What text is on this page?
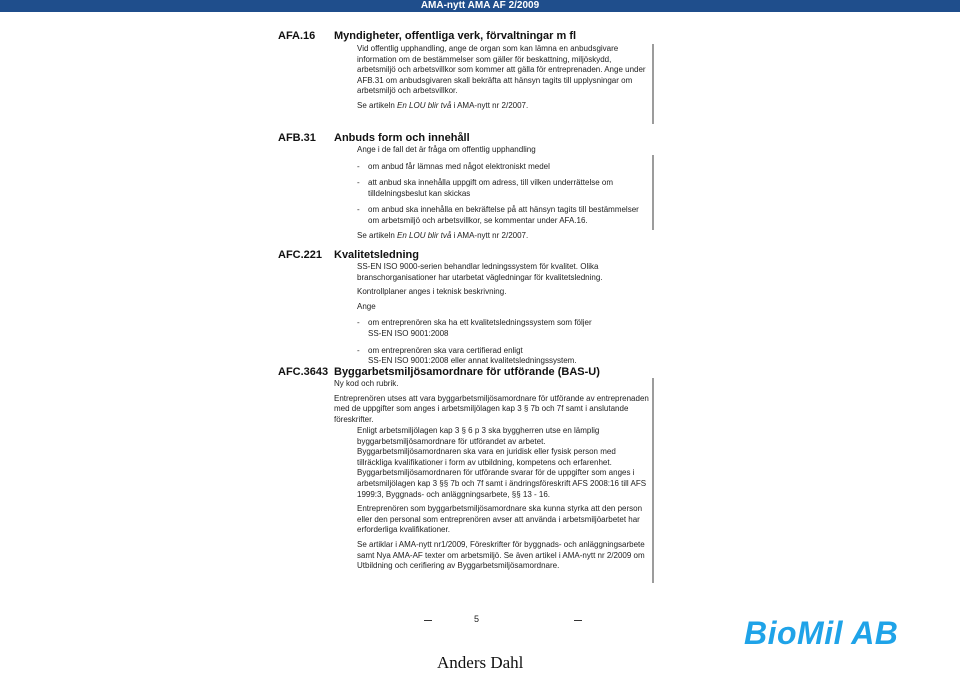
AMA-nytt AMA AF 2/2009
AFA.16 Myndigheter, offentliga verk, förvaltningar m fl

Vid offentlig upphandling, ange de organ som kan lämna en anbudsgivare information om de bestämmelser som gäller för beskattning, miljöskydd, arbetsmiljö och arbetsvillkor som kommer att gälla för entreprenaden. Ange under AFB.31 om anbudsgivaren skall bekräfta att hänsyn tagits till upplysningar om arbetsmiljö och arbetsvillkor.

Se artikeln En LOU blir två i AMA-nytt nr 2/2007.

AFB.31 Anbuds form och innehåll

Ange i de fall det är fråga om offentlig upphandling

- om anbud får lämnas med något elektroniskt medel

- att anbud ska innehålla uppgift om adress, till vilken underrättelse om tilldelningsbeslut kan skickas

- om anbud ska innehålla en bekräftelse på att hänsyn tagits till bestämmelser om arbetsmiljö och arbetsvillkor, se kommentar under AFA.16.

Se artikeln En LOU blir två i AMA-nytt nr 2/2007.

AFC.221 Kvalitetsledning

SS-EN ISO 9000-serien behandlar ledningssystem för kvalitet. Olika branschorganisationer har utarbetat vägledningar för kvalitetsledning.

Kontrollplaner anges i teknisk beskrivning.

Ange

- om entreprenören ska ha ett kvalitetsledningssystem som följer
SS-EN ISO 9001:2008

- om entreprenören ska vara certifierad enligt
SS-EN ISO 9001:2008 eller annat kvalitetsledningssystem.

AFC.3643 Byggarbetsmiljösamordnare för utförande (BAS-U)

Ny kod och rubrik.

Entreprenören utses att vara byggarbetsmiljösamordnare för utförande av entreprenaden med de uppgifter som anges i arbetsmiljölagen kap 3 § 7b och 7f samt i anslutande föreskrifter.

Enligt arbetsmiljölagen kap 3 § 6 p 3 ska byggherren utse en lämplig byggarbetsmiljösamordnare för utförandet av arbetet. Byggarbetsmiljösamordnaren ska vara en juridisk eller fysisk person med tillräckliga kvalifikationer i form av utbildning, kompetens och erfarenhet. Byggarbetsmiljösamordnaren för utförande svarar för de uppgifter som anges i arbetsmiljölagen kap 3 §§ 7b och 7f samt i ändringsföreskrift AFS 2008:16 till AFS 1999:3, Byggnads- och anläggningsarbete, §§ 13 - 16.

Entreprenören som byggarbetsmiljösamordnare ska kunna styrka att den person eller den personal som entreprenören avser att använda i arbetsmiljöarbetet har erforderliga kvalifikationer.

Se artiklar i AMA-nytt nr1/2009, Föreskrifter för byggnads- och anläggningsarbete samt Nya AMA-AF texter om arbetsmiljö. Se även artikel i AMA-nytt nr 2/2009 om Utbildning och cerifiering av Byggarbetsmiljösamordnare.

5	BioMil AB
Anders Dahl
